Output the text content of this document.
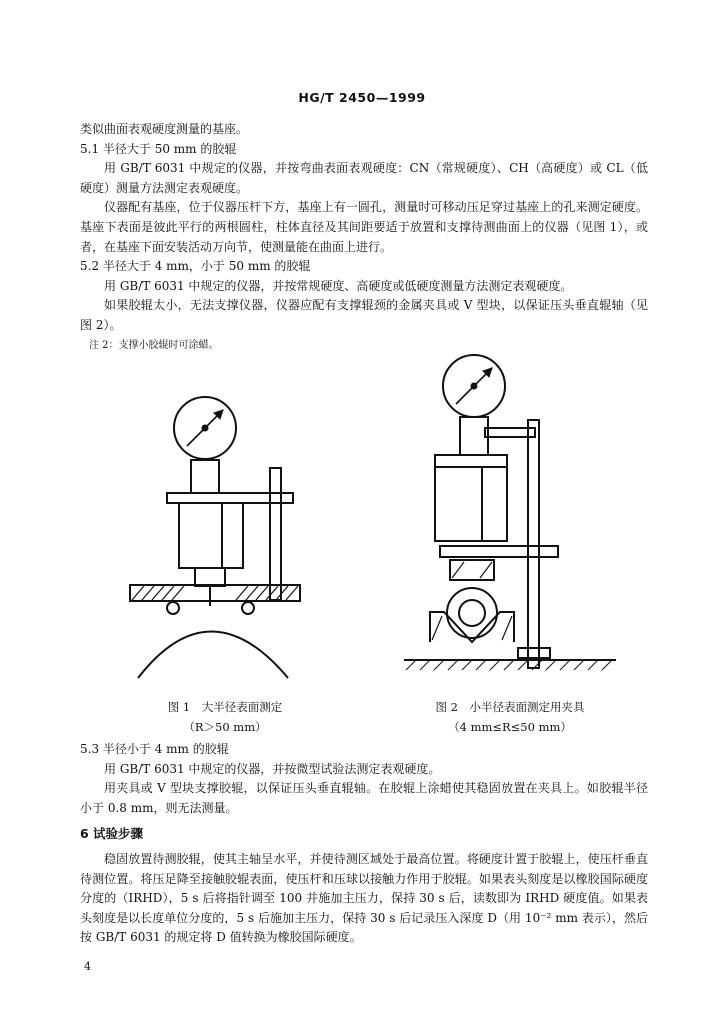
HG/T 2450—1999

类似曲面表观硬度测量的基座。

5.1 半径大于 50 mm 的胶辊

用 GB/T 6031 中规定的仪器，并按弯曲表面表观硬度：CN（常规硬度）、CH（高硬度）或 CL（低硬度）测量方法测定表观硬度。

仪器配有基座，位于仪器压杆下方，基座上有一圆孔，测量时可移动压足穿过基座上的孔来测定硬度。基座下表面是彼此平行的两根圆柱，柱体直径及其间距要适于放置和支撑待测曲面上的仪器（见图 1），或者，在基座下面安装活动万向节，使测量能在曲面上进行。

5.2 半径大于 4 mm，小于 50 mm 的胶辊

用 GB/T 6031 中规定的仪器，并按常规硬度、高硬度或低硬度测量方法测定表观硬度。

如果胶辊太小，无法支撑仪器，仪器应配有支撑辊颈的金属夹具或 V 型块，以保证压头垂直辊轴（见图 2）。

注 2：支撑小胶辊时可涂蜡。

图 1　大半径表面测定
（R＞50 mm）
图 2　小半径表面测定用夹具
（4 mm≤R≤50 mm）

5.3 半径小于 4 mm 的胶辊

用 GB/T 6031 中规定的仪器，并按微型试验法测定表观硬度。

用夹具或 V 型块支撑胶辊，以保证压头垂直辊轴。在胶辊上涂蜡使其稳固放置在夹具上。如胶辊半径小于 0.8 mm，则无法测量。

6 试验步骤

稳固放置待测胶辊，使其主轴呈水平，并使待测区域处于最高位置。将硬度计置于胶辊上，使压杆垂直待测位置。将压足降至接触胶辊表面，使压杆和压球以接触力作用于胶辊。如果表头刻度是以橡胶国际硬度分度的（IRHD），5 s 后将指针调至 100 并施加主压力，保持 30 s 后，读数即为 IRHD 硬度值。如果表头刻度是以长度单位分度的，5 s 后施加主压力，保持 30 s 后记录压入深度 D（用 10⁻² mm 表示），然后按 GB/T 6031 的规定将 D 值转换为橡胶国际硬度。

4
